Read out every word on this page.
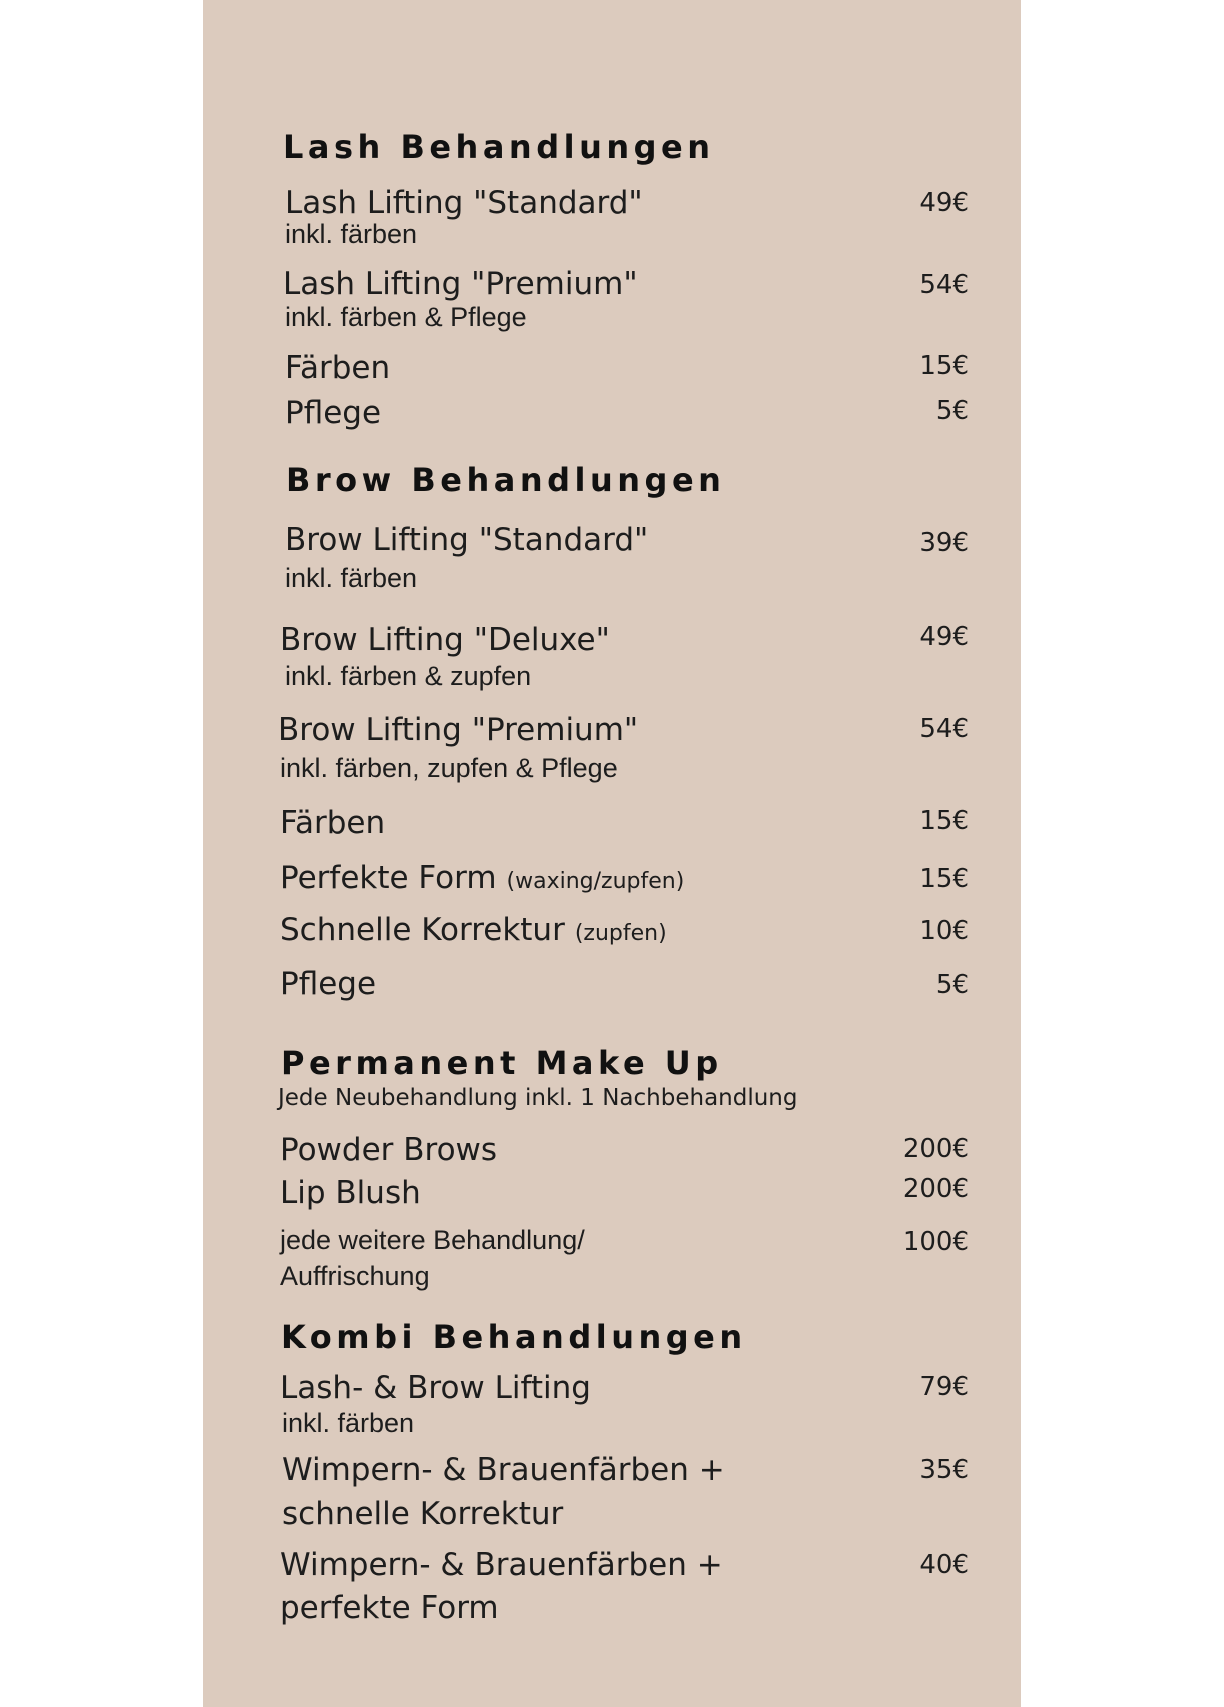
Lash Behandlungen
Lash Lifting "Standard"
inkl. färben
49€
Lash Lifting "Premium"
inkl. färben & Pflege
54€
Färben	15€
Pflege	5€
Brow Behandlungen
Brow Lifting "Standard"
inkl. färben
39€
Brow Lifting "Deluxe"
inkl. färben & zupfen
49€
Brow Lifting "Premium"
inkl. färben, zupfen & Pflege
54€
Färben	15€
Perfekte Form (waxing/zupfen)	15€
Schnelle Korrektur (zupfen)	10€
Pflege	5€
Permanent Make Up
Jede Neubehandlung inkl. 1 Nachbehandlung
Powder Brows	200€
Lip Blush	200€
jede weitere Behandlung/
Auffrischung
100€
Kombi Behandlungen
Lash- & Brow Lifting
inkl. färben
79€
Wimpern- & Brauenfärben +
schnelle Korrektur
35€
Wimpern- & Brauenfärben +
perfekte Form
40€
